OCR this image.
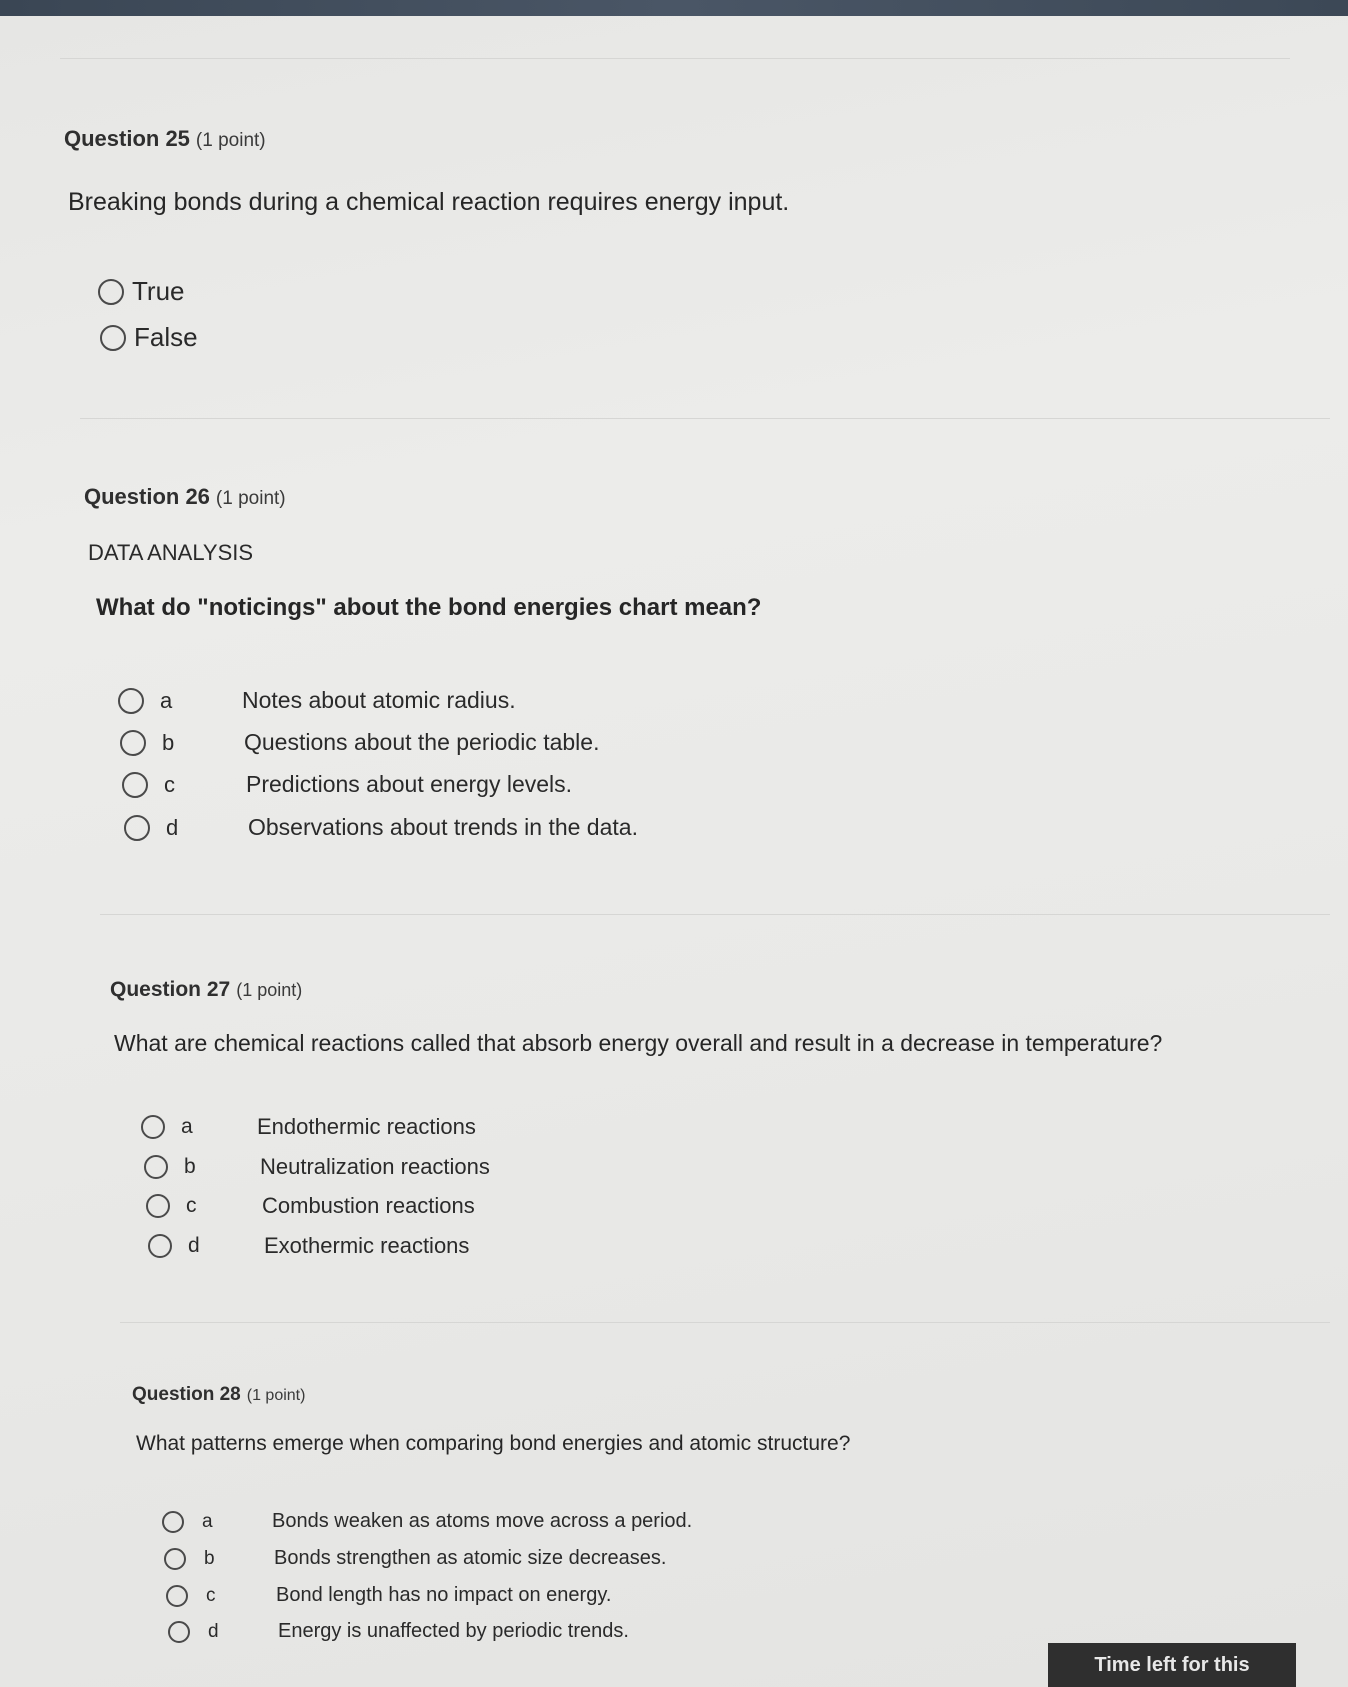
Question 25 (1 point)
Breaking bonds during a chemical reaction requires energy input.
True
False
Question 26 (1 point)
DATA ANALYSIS
What do "noticings" about the bond energies chart mean?
a	Notes about atomic radius.
b	Questions about the periodic table.
c	Predictions about energy levels.
d	Observations about trends in the data.
Question 27 (1 point)
What are chemical reactions called that absorb energy overall and result in a decrease in temperature?
a	Endothermic reactions
b	Neutralization reactions
c	Combustion reactions
d	Exothermic reactions
Question 28 (1 point)
What patterns emerge when comparing bond energies and atomic structure?
a	Bonds weaken as atoms move across a period.
b	Bonds strengthen as atomic size decreases.
c	Bond length has no impact on energy.
d	Energy is unaffected by periodic trends.
Time left for this
